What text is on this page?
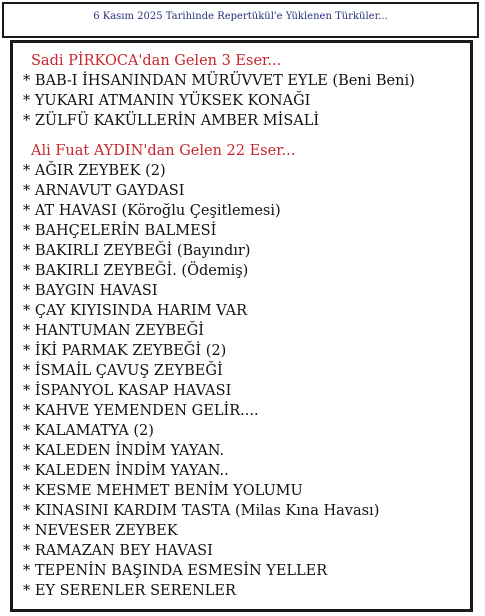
6 Kasım 2025 Tarihinde Repertükül'e Yüklenen Türküler...
Sadi PİRKOCA'dan Gelen 3 Eser...
* BAB-I İHSANINDAN MÜRÜVVET EYLE (Beni Beni)
* YUKARI ATMANIN YÜKSEK KONAĞI
* ZÜLFÜ KAKÜLLERİN AMBER MİSALİ
Ali Fuat AYDIN'dan Gelen 22 Eser...
* AĞIR ZEYBEK (2)
* ARNAVUT GAYDASI
* AT HAVASI (Köroğlu Çeşitlemesi)
* BAHÇELERİN BALMESİ
* BAKIRLI ZEYBEĞİ (Bayındır)
* BAKIRLI ZEYBEĞİ. (Ödemiş)
* BAYGIN HAVASI
* ÇAY KIYISINDA HARIM VAR
* HANTUMAN ZEYBEĞİ
* İKİ PARMAK ZEYBEĞİ (2)
* İSMAİL ÇAVUŞ ZEYBEĞİ
* İSPANYOL KASAP HAVASI
* KAHVE YEMENDEN GELİR....
* KALAMATYA (2)
* KALEDEN İNDİM YAYAN.
* KALEDEN İNDİM YAYAN..
* KESME MEHMET BENİM YOLUMU
* KINASINI KARDIM TASTA (Milas Kına Havası)
* NEVESER ZEYBEK
* RAMAZAN BEY HAVASI
* TEPENİN BAŞINDA ESMESİN YELLER
* EY SERENLER SERENLER
